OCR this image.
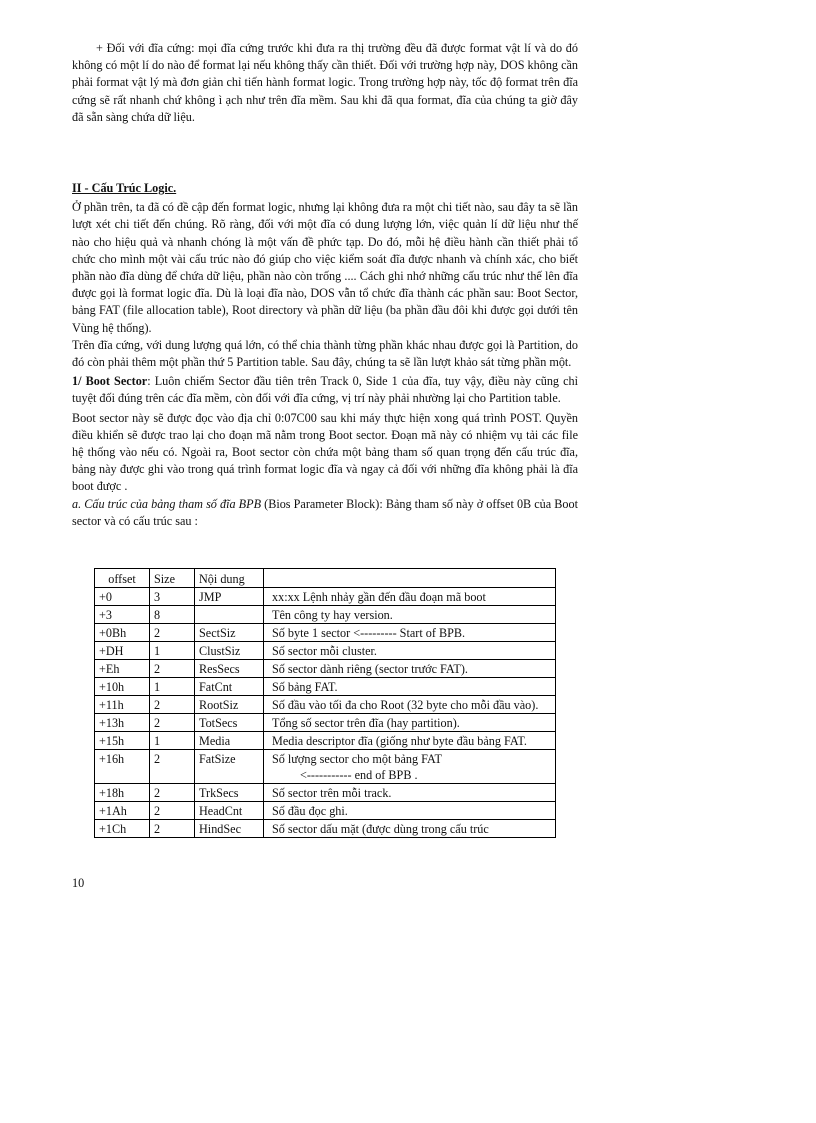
+ Đối với đĩa cứng: mọi đĩa cứng trước khi đưa ra thị trường đều đã được format vật lí và do đó không có một lí do nào để format lại nếu không thấy cần thiết. Đối với trường hợp này, DOS không cần phải format vật lý mà đơn giản chỉ tiến hành format logic. Trong trường hợp này, tốc độ format trên đĩa cứng sẽ rất nhanh chứ không ì ạch như trên đĩa mềm. Sau khi đã qua format, đĩa của chúng ta giờ đây đã sẵn sàng chứa dữ liệu.

II - Cấu Trúc Logic.

Ở phần trên, ta đã có đề cập đến format logic, nhưng lại không đưa ra một chi tiết nào, sau đây ta sẽ lần lượt xét chi tiết đến chúng. Rõ ràng, đối với một đĩa có dung lượng lớn, việc quản lí dữ liệu như thế nào cho hiệu quả và nhanh chóng là một vấn đề phức tạp. Do đó, mỗi hệ điều hành cần thiết phải tổ chức cho mình một vài cấu trúc nào đó giúp cho việc kiểm soát đĩa được nhanh và chính xác, cho biết phần nào đĩa dùng để chứa dữ liệu, phần nào còn trống .... Cách ghi nhớ những cấu trúc như thế lên đĩa được gọi là format logic đĩa. Dù là loại đĩa nào, DOS vẫn tổ chức đĩa thành các phần sau: Boot Sector, bảng FAT (file allocation table), Root directory và phần dữ liệu (ba phần đầu đôi khi được gọi dưới tên Vùng hệ thống).

Trên đĩa cứng, với dung lượng quá lớn, có thể chia thành từng phần khác nhau được gọi là Partition, do đó còn phải thêm một phần thứ 5 Partition table. Sau đây, chúng ta sẽ lần lượt khảo sát từng phần một.

1/ Boot Sector: Luôn chiếm Sector đầu tiên trên Track 0, Side 1 của đĩa, tuy vậy, điều này cũng chỉ tuyệt đối đúng trên các đĩa mềm, còn đối với đĩa cứng, vị trí này phải nhường lại cho Partition table.

Boot sector này sẽ được đọc vào địa chỉ 0:07C00 sau khi máy thực hiện xong quá trình POST. Quyền điều khiển sẽ được trao lại cho đoạn mã nằm trong Boot sector. Đoạn mã này có nhiệm vụ tải các file hệ thống vào nếu có. Ngoài ra, Boot sector còn chứa một bảng tham số quan trọng đến cấu trúc đĩa, bảng này được ghi vào trong quá trình format logic đĩa và ngay cả đối với những đĩa không phải là đĩa boot được .

a. Cấu trúc của bảng tham số đĩa BPB (Bios Parameter Block): Bảng tham số này ở offset 0B của Boot sector và có cấu trúc sau :

offset	Size	Nội dung	
+0	3	JMP	xx:xx Lệnh nhảy gần đến đầu đoạn mã boot
+3	8		Tên công ty hay version.
+0Bh	2	SectSiz	Số byte 1 sector <--------- Start of BPB.
+DH	1	ClustSiz	Số sector mỗi cluster.
+Eh	2	ResSecs	Số sector dành riêng (sector trước FAT).
+10h	1	FatCnt	Số bảng FAT.
+11h	2	RootSiz	Số đầu vào tối đa cho Root (32 byte cho mỗi đầu vào).
+13h	2	TotSecs	Tổng số sector trên đĩa (hay partition).
+15h	1	Media	Media descriptor đĩa (giống như byte đầu bảng FAT.
+16h	2	FatSize	Số lượng sector cho một bảng FAT
<----------- end of BPB .

+18h	2	TrkSecs	Số sector trên mỗi track.
+1Ah	2	HeadCnt	Số đầu đọc ghi.
+1Ch	2	HindSec	Số sector dấu mặt (được dùng trong cấu trúc
10
